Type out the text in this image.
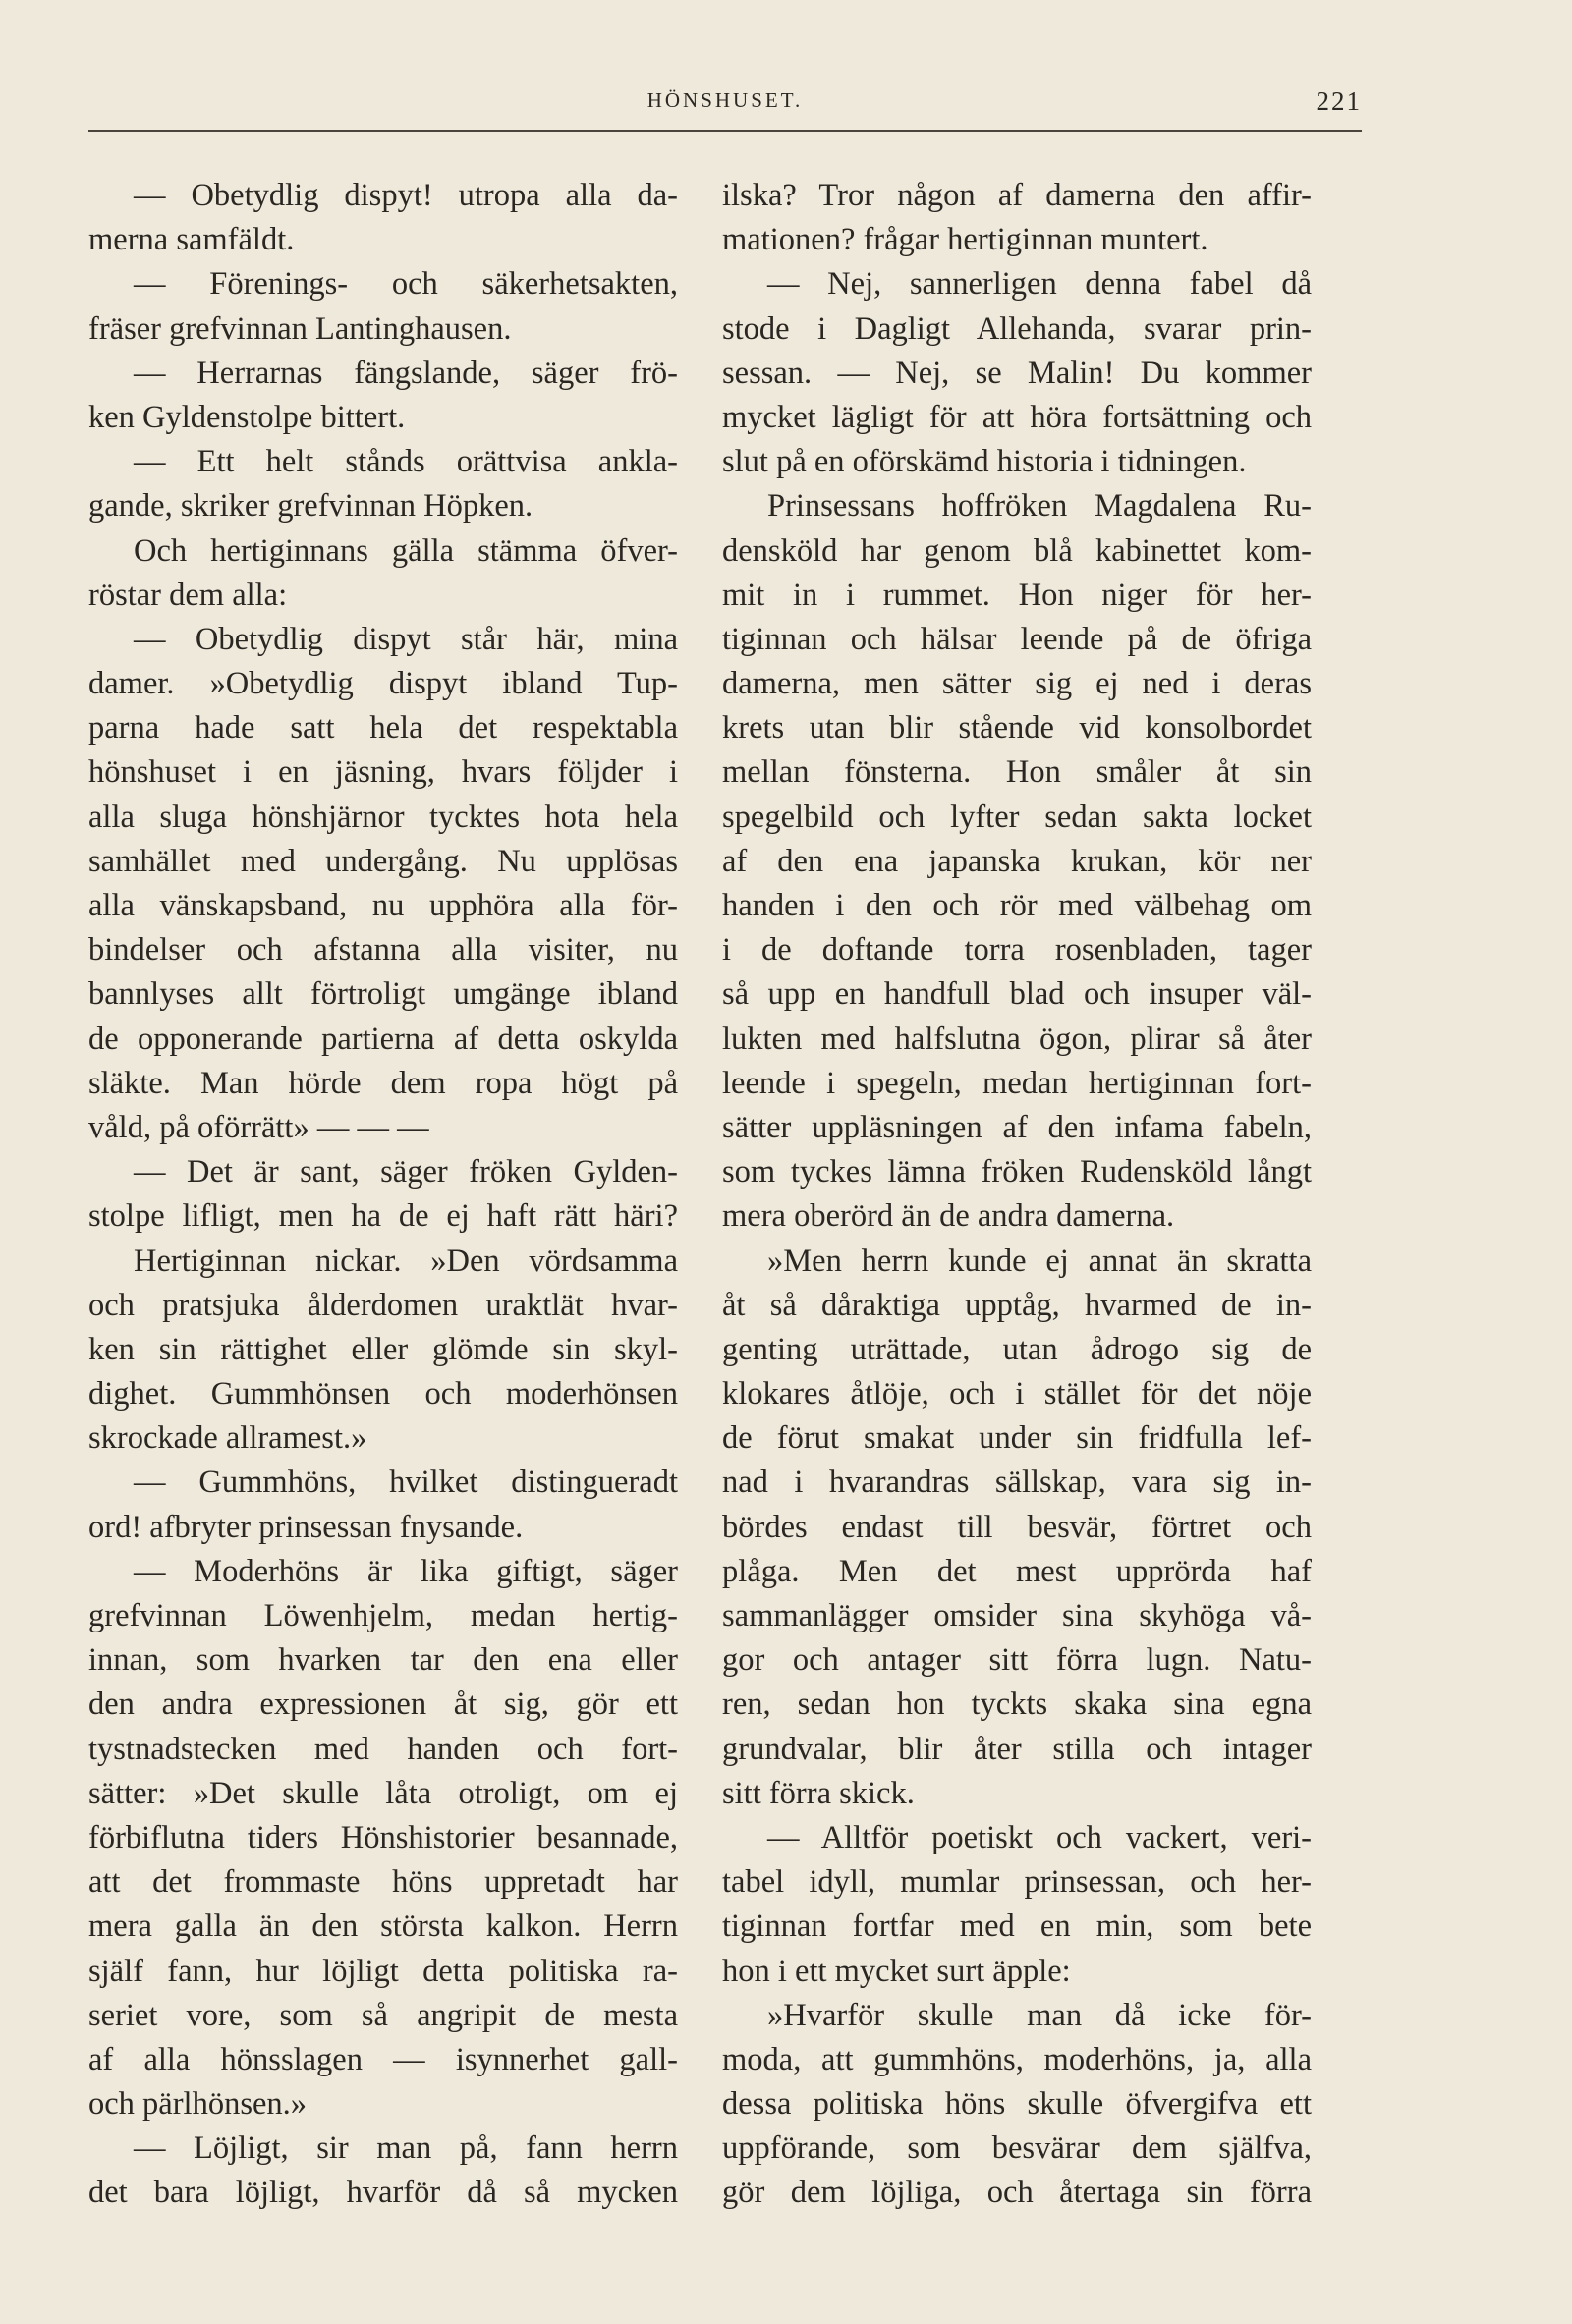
HÖNSHUSET.	221
— Obetydlig dispyt! utropa alla da-
merna samfäldt.
— Förenings- och säkerhetsakten,
fräser grefvinnan Lantinghausen.
— Herrarnas fängslande, säger frö-
ken Gyldenstolpe bittert.
— Ett helt stånds orättvisa ankla-
gande, skriker grefvinnan Höpken.
Och hertiginnans gälla stämma öfver-
röstar dem alla:
— Obetydlig dispyt står här, mina
damer. »Obetydlig dispyt ibland Tup-
parna hade satt hela det respektabla
hönshuset i en jäsning, hvars följder i
alla sluga hönshjärnor tycktes hota hela
samhället med undergång. Nu upplösas
alla vänskapsband, nu upphöra alla för-
bindelser och afstanna alla visiter, nu
bannlyses allt förtroligt umgänge ibland
de opponerande partierna af detta oskylda
släkte. Man hörde dem ropa högt på
våld, på oförrätt» — — —
— Det är sant, säger fröken Gylden-
stolpe lifligt, men ha de ej haft rätt häri?
Hertiginnan nickar. »Den vördsamma
och pratsjuka ålderdomen uraktlät hvar-
ken sin rättighet eller glömde sin skyl-
dighet. Gummhönsen och moderhönsen
skrockade allramest.»
— Gummhöns, hvilket distingueradt
ord! afbryter prinsessan fnysande.
— Moderhöns är lika giftigt, säger
grefvinnan Löwenhjelm, medan hertig-
innan, som hvarken tar den ena eller
den andra expressionen åt sig, gör ett
tystnadstecken med handen och fort-
sätter: »Det skulle låta otroligt, om ej
förbiflutna tiders Hönshistorier besannade,
att det frommaste höns uppretadt har
mera galla än den största kalkon. Herrn
själf fann, hur löjligt detta politiska ra-
seriet vore, som så angripit de mesta
af alla hönsslagen — isynnerhet gall-
och pärlhönsen.»
— Löjligt, sir man på, fann herrn
det bara löjligt, hvarför då så mycken
ilska? Tror någon af damerna den affir-
mationen? frågar hertiginnan muntert.
— Nej, sannerligen denna fabel då
stode i Dagligt Allehanda, svarar prin-
sessan. — Nej, se Malin! Du kommer
mycket lägligt för att höra fortsättning och
slut på en oförskämd historia i tidningen.
Prinsessans hoffröken Magdalena Ru-
densköld har genom blå kabinettet kom-
mit in i rummet. Hon niger för her-
tiginnan och hälsar leende på de öfriga
damerna, men sätter sig ej ned i deras
krets utan blir stående vid konsolbordet
mellan fönsterna. Hon småler åt sin
spegelbild och lyfter sedan sakta locket
af den ena japanska krukan, kör ner
handen i den och rör med välbehag om
i de doftande torra rosenbladen, tager
så upp en handfull blad och insuper väl-
lukten med halfslutna ögon, plirar så åter
leende i spegeln, medan hertiginnan fort-
sätter uppläsningen af den infama fabeln,
som tyckes lämna fröken Rudensköld långt
mera oberörd än de andra damerna.
»Men herrn kunde ej annat än skratta
åt så dåraktiga upptåg, hvarmed de in-
genting uträttade, utan ådrogo sig de
klokares åtlöje, och i stället för det nöje
de förut smakat under sin fridfulla lef-
nad i hvarandras sällskap, vara sig in-
bördes endast till besvär, förtret och
plåga. Men det mest upprörda haf
sammanlägger omsider sina skyhöga vå-
gor och antager sitt förra lugn. Natu-
ren, sedan hon tyckts skaka sina egna
grundvalar, blir åter stilla och intager
sitt förra skick.
— Alltför poetiskt och vackert, veri-
tabel idyll, mumlar prinsessan, och her-
tiginnan fortfar med en min, som bete
hon i ett mycket surt äpple:
»Hvarför skulle man då icke för-
moda, att gummhöns, moderhöns, ja, alla
dessa politiska höns skulle öfvergifva ett
uppförande, som besvärar dem själfva,
gör dem löjliga, och återtaga sin förra
